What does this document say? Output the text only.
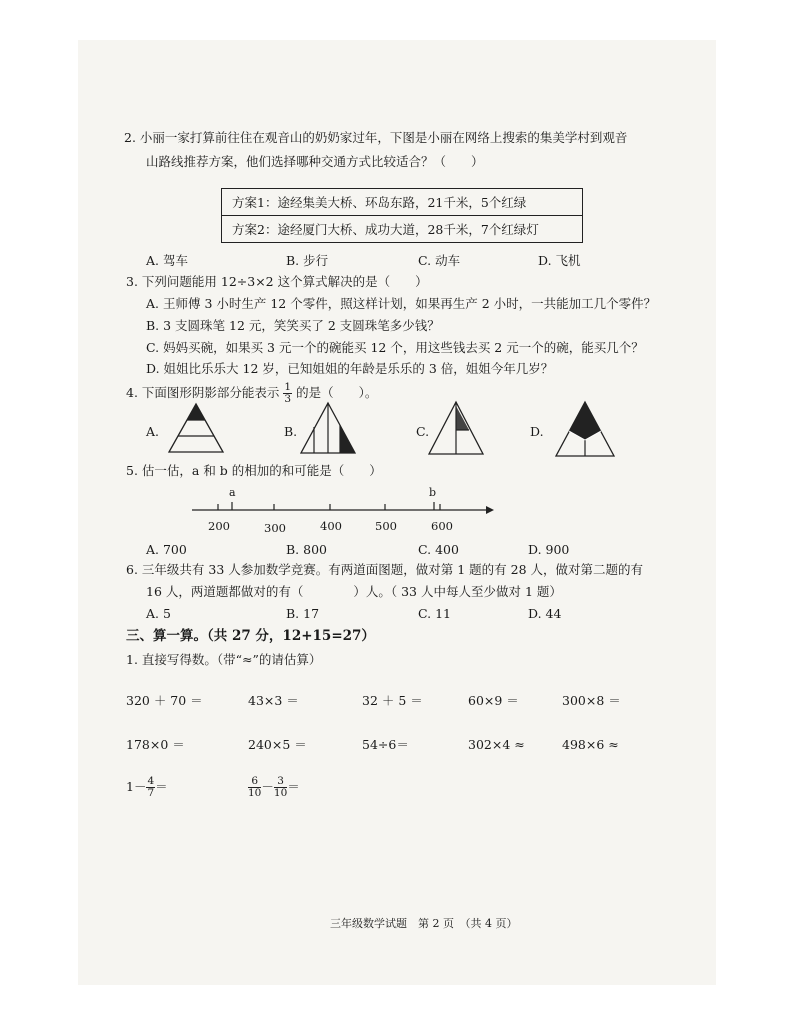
2. 小丽一家打算前往住在观音山的奶奶家过年，下图是小丽在网络上搜索的集美学村到观音
山路线推荐方案，他们选择哪种交通方式比较适合？（　　）
方案1：途经集美大桥、环岛东路，21千米，5个红绿
方案2：途经厦门大桥、成功大道，28千米，7个红绿灯
A. 驾车	B. 步行	C. 动车	D. 飞机
3. 下列问题能用 12÷3×2 这个算式解决的是（　　）
A. 王师傅 3 小时生产 12 个零件，照这样计划，如果再生产 2 小时，一共能加工几个零件？
B. 3 支圆珠笔 12 元，笑笑买了 2 支圆珠笔多少钱？
C. 妈妈买碗，如果买 3 元一个的碗能买 12 个，用这些钱去买 2 元一个的碗，能买几个？
D. 姐姐比乐乐大 12 岁，已知姐姐的年龄是乐乐的 3 倍，姐姐今年几岁？
4. 下面图形阴影部分能表示 $\frac{1}{3}$ 的是（　　）。
A.	B.	C.	D.
5. 估一估，a 和 b 的相加的和可能是（　　）
a	b
200	300	400	500	600
A. 700	B. 800	C. 400	D. 900
6. 三年级共有 33 人参加数学竞赛。有两道面图题，做对第 1 题的有 28 人，做对第二题的有
16 人，两道题都做对的有（　　　　）人。（ 33 人中每人至少做对 1 题）
A. 5	B. 17	C. 11	D. 44
三、算一算。（共 27 分，12+15=27）
1. 直接写得数。（带“≈”的请估算）
320 ＋ 70 ＝	43×3 ＝	32 ＋ 5 ＝	60×9 ＝	300×8 ＝
178×0 ＝	240×5 ＝	54÷6＝	302×4 ≈	498×6 ≈
$1- \frac{4}{7}$ ＝	$\frac{6}{10} - \frac{3}{10}$ ＝
三年级数学试题　第 2 页　（共 4 页）
